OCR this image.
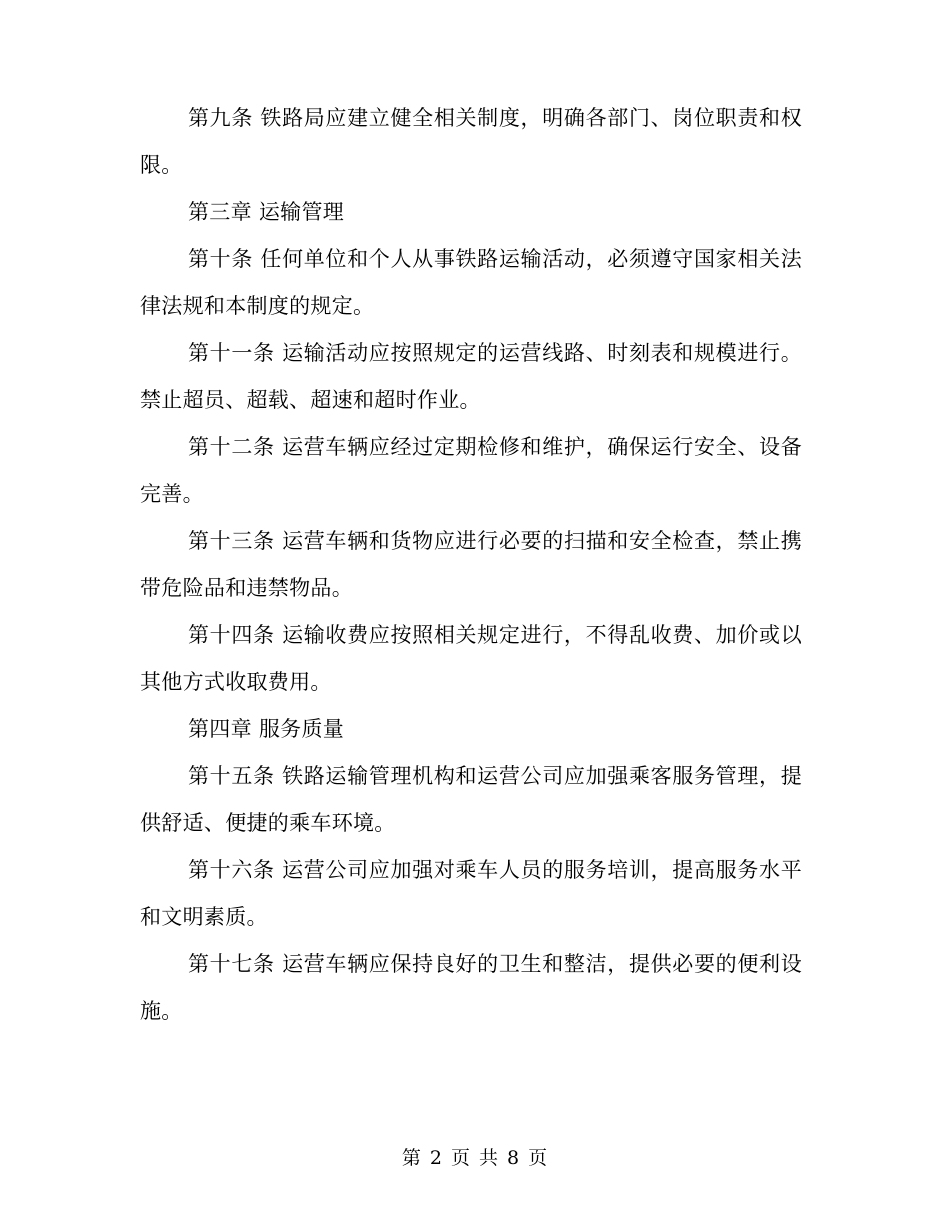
第九条 铁路局应建立健全相关制度，明确各部门、岗位职责和权限。

第三章 运输管理

第十条 任何单位和个人从事铁路运输活动，必须遵守国家相关法律法规和本制度的规定。

第十一条 运输活动应按照规定的运营线路、时刻表和规模进行。禁止超员、超载、超速和超时作业。

第十二条 运营车辆应经过定期检修和维护，确保运行安全、设备完善。

第十三条 运营车辆和货物应进行必要的扫描和安全检查，禁止携带危险品和违禁物品。

第十四条 运输收费应按照相关规定进行，不得乱收费、加价或以其他方式收取费用。

第四章 服务质量

第十五条 铁路运输管理机构和运营公司应加强乘客服务管理，提供舒适、便捷的乘车环境。

第十六条 运营公司应加强对乘车人员的服务培训，提高服务水平和文明素质。

第十七条 运营车辆应保持良好的卫生和整洁，提供必要的便利设施。

第 2 页 共 8 页
